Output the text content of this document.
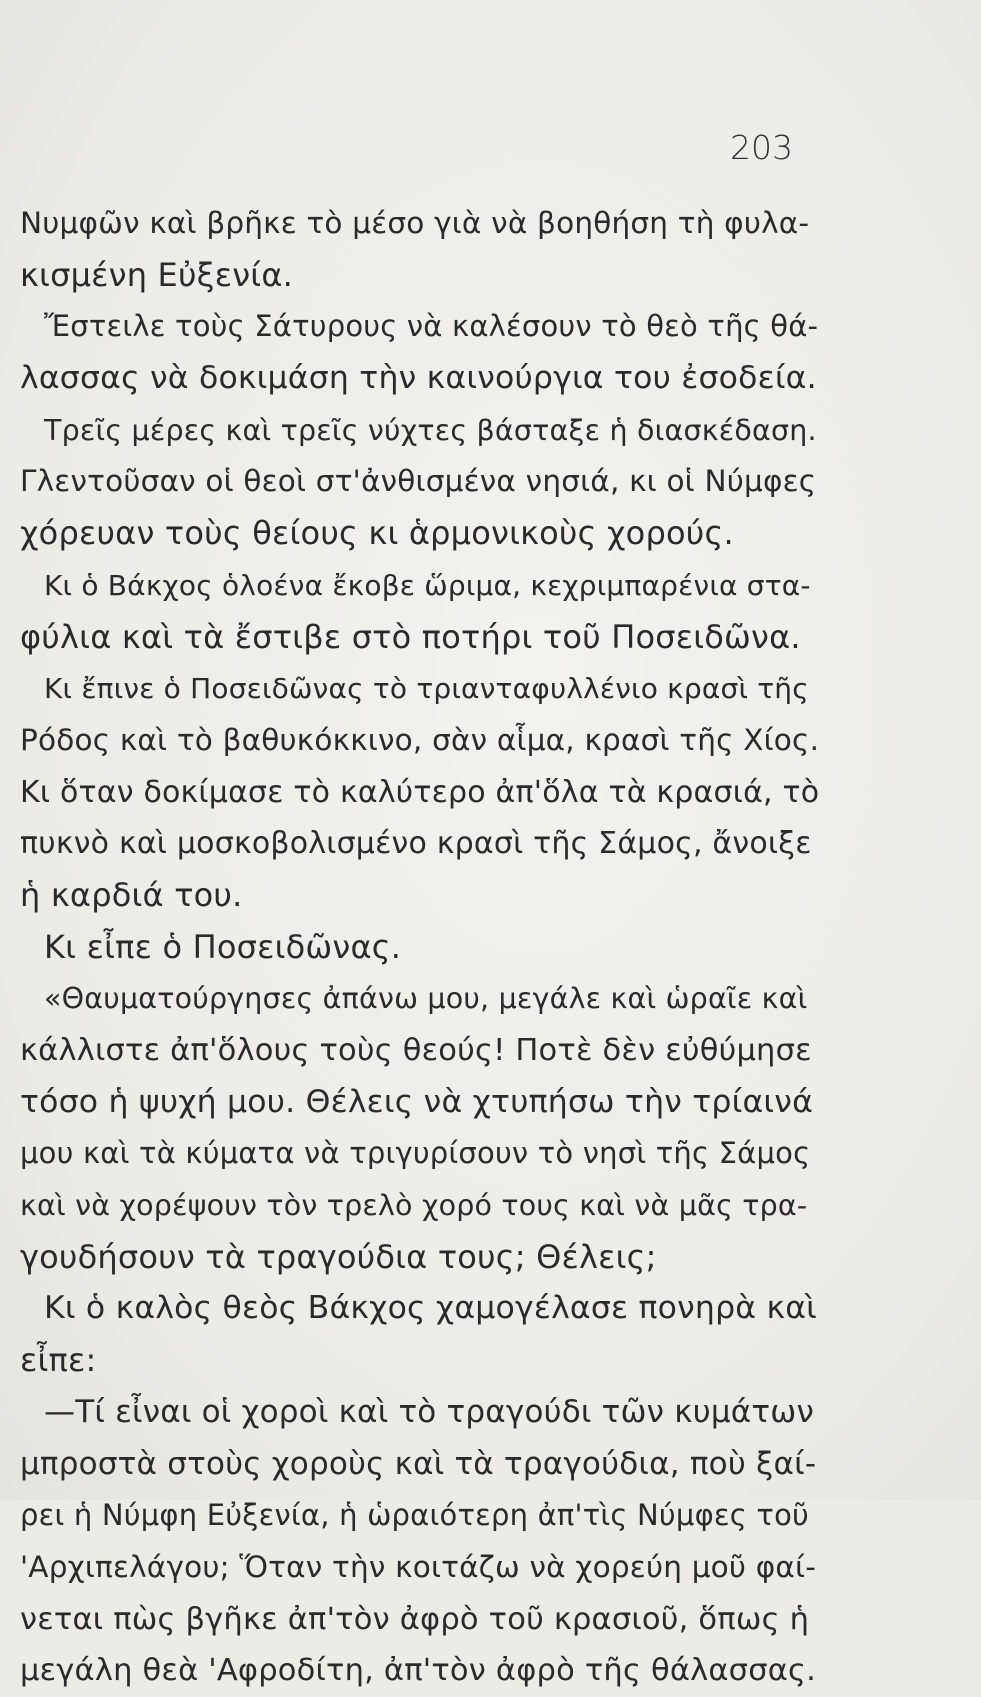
203
Νυμφῶν καὶ βρῆκε τὸ μέσο γιὰ νὰ βοηθήση τὴ φυλα-
κισμένη Εὐξενία.
Ἔστειλε τοὺς Σάτυρους νὰ καλέσουν τὸ θεὸ τῆς θά-
λασσας νὰ δοκιμάση τὴν καινούργια του ἐσοδεία.
Τρεῖς μέρες καὶ τρεῖς νύχτες βάσταξε ἡ διασκέδαση.
Γλεντοῦσαν οἱ θεοὶ στ'ἀνθισμένα νησιά, κι οἱ Νύμφες
χόρευαν τοὺς θείους κι ἁρμονικοὺς χορούς.
Κι ὁ Βάκχος ὁλοένα ἔκοβε ὥριμα, κεχριμπαρένια στα-
φύλια καὶ τὰ ἔστιβε στὸ ποτήρι τοῦ Ποσειδῶνα.
Κι ἔπινε ὁ Ποσειδῶνας τὸ τριανταφυλλένιο κρασὶ τῆς
Ρόδος καὶ τὸ βαθυκόκκινο, σὰν αἷμα, κρασὶ τῆς Χίος.
Κι ὅταν δοκίμασε τὸ καλύτερο ἀπ'ὅλα τὰ κρασιά, τὸ
πυκνὸ καὶ μοσκοβολισμένο κρασὶ τῆς Σάμος, ἄνοιξε
ἡ καρδιά του.
Κι εἶπε ὁ Ποσειδῶνας.
«Θαυματούργησες ἀπάνω μου, μεγάλε καὶ ὡραῖε καὶ
κάλλιστε ἀπ'ὅλους τοὺς θεούς! Ποτὲ δὲν εὐθύμησε
τόσο ἡ ψυχή μου. Θέλεις νὰ χτυπήσω τὴν τρίαινά
μου καὶ τὰ κύματα νὰ τριγυρίσουν τὸ νησὶ τῆς Σάμος
καὶ νὰ χορέψουν τὸν τρελὸ χορό τους καὶ νὰ μᾶς τρα-
γουδήσουν τὰ τραγούδια τους; Θέλεις;
Κι ὁ καλὸς θεὸς Βάκχος χαμογέλασε πονηρὰ καὶ
εἶπε:
—Τί εἶναι οἱ χοροὶ καὶ τὸ τραγούδι τῶν κυμάτων
μπροστὰ στοὺς χοροὺς καὶ τὰ τραγούδια, ποὺ ξαί-
ρει ἡ Νύμφη Εὐξενία, ἡ ὡραιότερη ἀπ'τὶς Νύμφες τοῦ
'Αρχιπελάγου; Ὅταν τὴν κοιτάζω νὰ χορεύη μοῦ φαί-
νεται πὼς βγῆκε ἀπ'τὸν ἀφρὸ τοῦ κρασιοῦ, ὅπως ἡ
μεγάλη θεὰ 'Αφροδίτη, ἀπ'τὸν ἀφρὸ τῆς θάλασσας.
